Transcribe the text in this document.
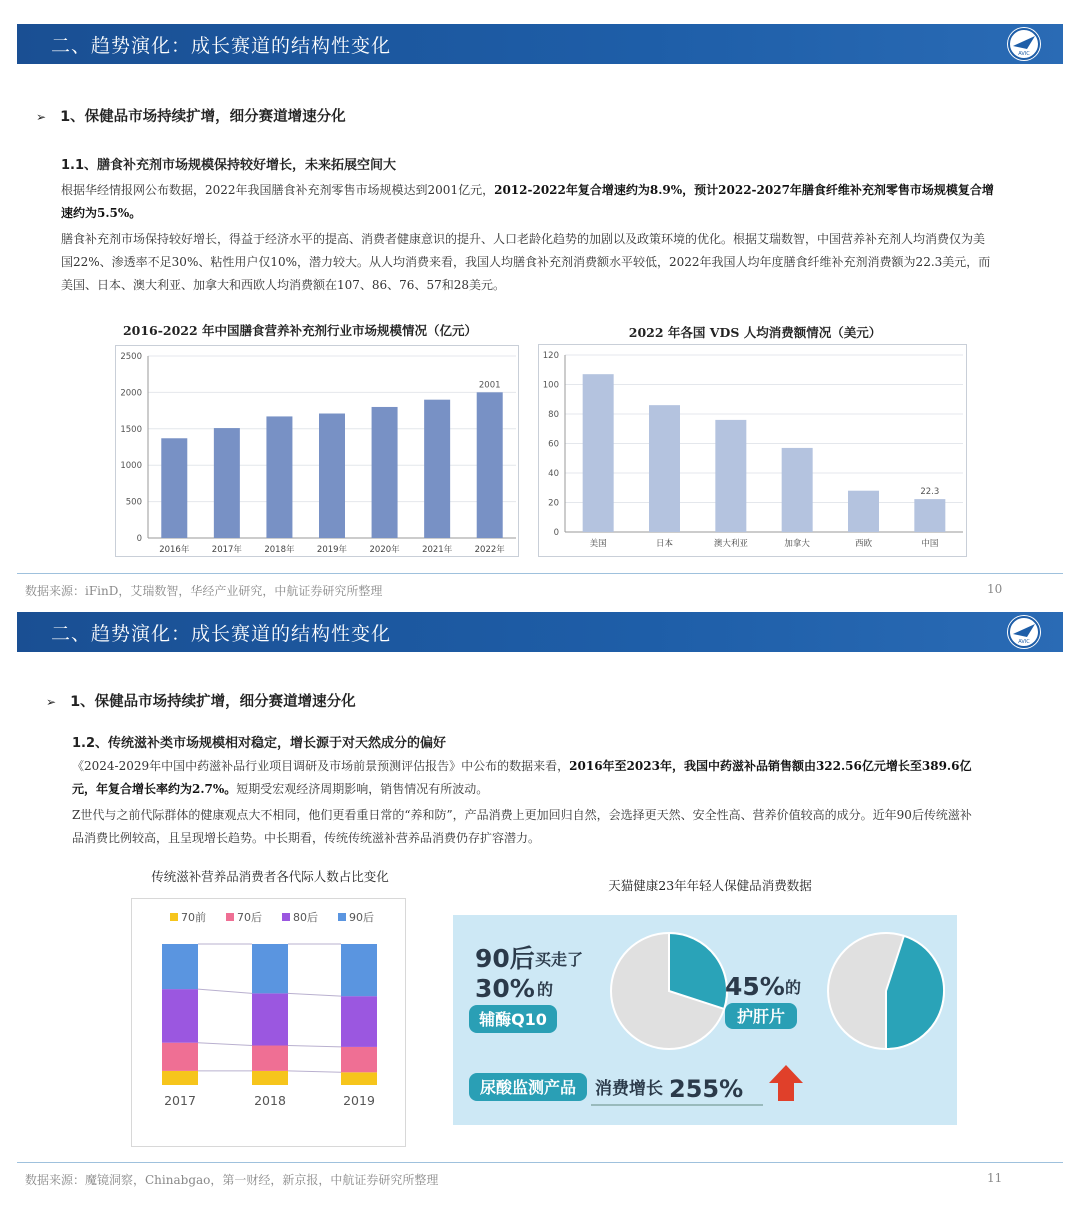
二、趋势演化：成长赛道的结构性变化	AVIC
➢ 1、保健品市场持续扩增，细分赛道增速分化
1.1、膳食补充剂市场规模保持较好增长，未来拓展空间大
根据华经情报网公布数据，2022年我国膳食补充剂零售市场规模达到2001亿元，2012-2022年复合增速约为8.9%，预计2022-2027年膳食纤维补充剂零售市场规模复合增速约为5.5%。
膳食补充剂市场保持较好增长，得益于经济水平的提高、消费者健康意识的提升、人口老龄化趋势的加剧以及政策环境的优化。根据艾瑞数智，中国营养补充剂人均消费仅为美国22%、渗透率不足30%、粘性用户仅10%，潜力较大。从人均消费来看，我国人均膳食补充剂消费额水平较低，2022年我国人均年度膳食纤维补充剂消费额为22.3美元，而美国、日本、澳大利亚、加拿大和西欧人均消费额在107、86、76、57和28美元。
2016-2022 年中国膳食营养补充剂行业市场规模情况（亿元）
0
500
1000
1500
2000
2500
2016年	2017年	2018年	2019年	2020年	2021年	2022年
2001
2022 年各国 VDS 人均消费额情况（美元）
0
20
40
60
80
100
120
美国	日本	澳大利亚	加拿大	西欧	中国
22.3
数据来源：iFinD，艾瑞数智，华经产业研究，中航证券研究所整理	10
二、趋势演化：成长赛道的结构性变化	AVIC
➢ 1、保健品市场持续扩增，细分赛道增速分化
1.2、传统滋补类市场规模相对稳定，增长源于对天然成分的偏好
《2024-2029年中国中药滋补品行业项目调研及市场前景预测评估报告》中公布的数据来看，2016年至2023年，我国中药滋补品销售额由322.56亿元增长至389.6亿元，年复合增长率约为2.7%。短期受宏观经济周期影响，销售情况有所波动。
Z世代与之前代际群体的健康观点大不相同，他们更看重日常的“养和防”，产品消费上更加回归自然，会选择更天然、安全性高、营养价值较高的成分。近年90后传统滋补品消费比例较高，且呈现增长趋势。中长期看，传统传统滋补营养品消费仍存扩容潜力。
传统滋补营养品消费者各代际人数占比变化
70前	70后	80后	90后
2017	2018	2019
天猫健康23年年轻人保健品消费数据
90后 买走了
30% 的
辅酶Q10
45% 的
护肝片
尿酸监测产品 消费增长 255%
数据来源：魔镜洞察，Chinabgao，第一财经，新京报，中航证券研究所整理	11
